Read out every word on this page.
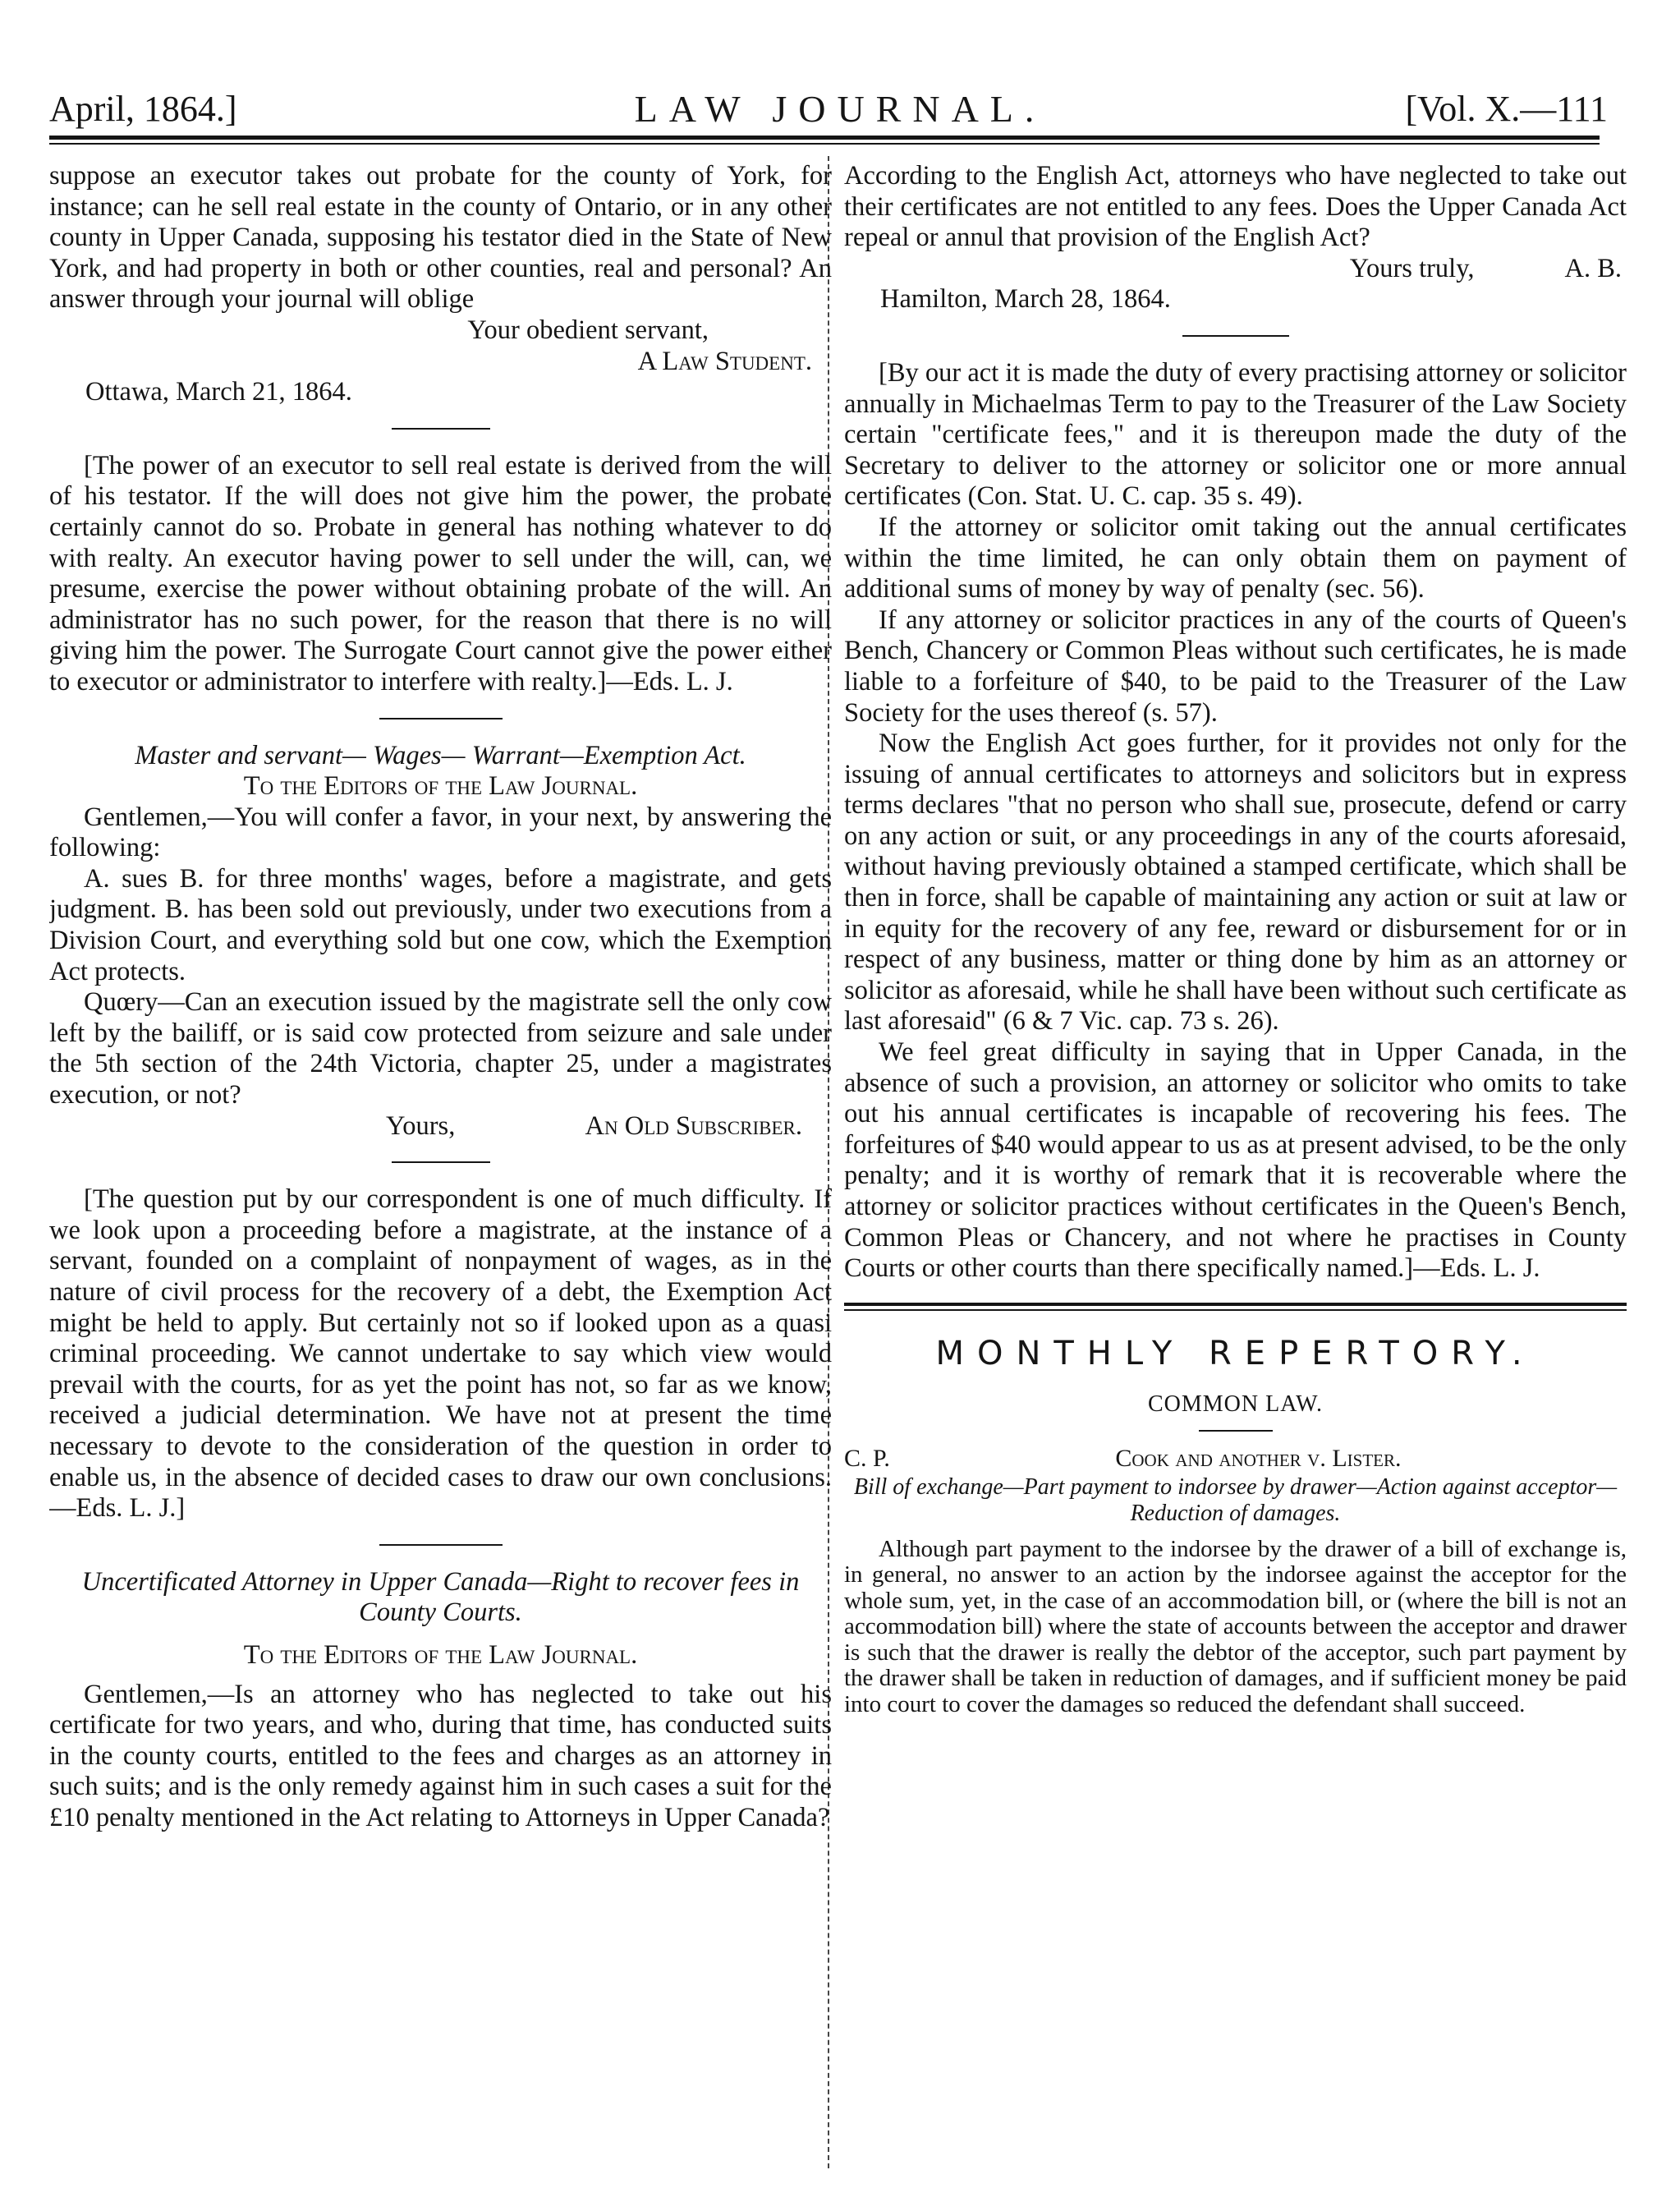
April, 1864.]	LAW JOURNAL.	[Vol. X.—111

suppose an executor takes out probate for the county of York, for instance; can he sell real estate in the county of Ontario, or in any other county in Upper Canada, supposing his testator died in the State of New York, and had property in both or other counties, real and personal? An answer through your journal will oblige

Your obedient servant,

A Law Student.

Ottawa, March 21, 1864.

[The power of an executor to sell real estate is derived from the will of his testator. If the will does not give him the power, the probate certainly cannot do so. Probate in general has nothing whatever to do with realty. An executor having power to sell under the will, can, we presume, exercise the power without obtaining probate of the will. An administrator has no such power, for the reason that there is no will giving him the power. The Surrogate Court cannot give the power either to executor or administrator to interfere with realty.]—Eds. L. J.

Master and servant— Wages— Warrant—Exemption Act.

To the Editors of the Law Journal.

Gentlemen,—You will confer a favor, in your next, by answering the following:

A. sues B. for three months' wages, before a magistrate, and gets judgment. B. has been sold out previously, under two executions from a Division Court, and everything sold but one cow, which the Exemption Act protects.

Quœry—Can an execution issued by the magistrate sell the only cow left by the bailiff, or is said cow protected from seizure and sale under the 5th section of the 24th Victoria, chapter 25, under a magistrates execution, or not?

Yours,	An Old Subscriber.

[The question put by our correspondent is one of much difficulty. If we look upon a proceeding before a magistrate, at the instance of a servant, founded on a complaint of nonpayment of wages, as in the nature of civil process for the recovery of a debt, the Exemption Act might be held to apply. But certainly not so if looked upon as a quasi criminal proceeding. We cannot undertake to say which view would prevail with the courts, for as yet the point has not, so far as we know, received a judicial determination. We have not at present the time necessary to devote to the consideration of the question in order to enable us, in the absence of decided cases to draw our own conclusions.—Eds. L. J.]

Uncertificated Attorney in Upper Canada—Right to recover fees in County Courts.

To the Editors of the Law Journal.

Gentlemen,—Is an attorney who has neglected to take out his certificate for two years, and who, during that time, has conducted suits in the county courts, entitled to the fees and charges as an attorney in such suits; and is the only remedy against him in such cases a suit for the £10 penalty mentioned in the Act relating to Attorneys in Upper Canada?

According to the English Act, attorneys who have neglected to take out their certificates are not entitled to any fees. Does the Upper Canada Act repeal or annul that provision of the English Act?

Yours truly,	A. B.

Hamilton, March 28, 1864.

[By our act it is made the duty of every practising attorney or solicitor annually in Michaelmas Term to pay to the Treasurer of the Law Society certain "certificate fees," and it is thereupon made the duty of the Secretary to deliver to the attorney or solicitor one or more annual certificates (Con. Stat. U. C. cap. 35 s. 49).

If the attorney or solicitor omit taking out the annual certificates within the time limited, he can only obtain them on payment of additional sums of money by way of penalty (sec. 56).

If any attorney or solicitor practices in any of the courts of Queen's Bench, Chancery or Common Pleas without such certificates, he is made liable to a forfeiture of $40, to be paid to the Treasurer of the Law Society for the uses thereof (s. 57).

Now the English Act goes further, for it provides not only for the issuing of annual certificates to attorneys and solicitors but in express terms declares "that no person who shall sue, prosecute, defend or carry on any action or suit, or any proceedings in any of the courts aforesaid, without having previously obtained a stamped certificate, which shall be then in force, shall be capable of maintaining any action or suit at law or in equity for the recovery of any fee, reward or disbursement for or in respect of any business, matter or thing done by him as an attorney or solicitor as aforesaid, while he shall have been without such certificate as last aforesaid" (6 & 7 Vic. cap. 73 s. 26).

We feel great difficulty in saying that in Upper Canada, in the absence of such a provision, an attorney or solicitor who omits to take out his annual certificates is incapable of recovering his fees. The forfeitures of $40 would appear to us as at present advised, to be the only penalty; and it is worthy of remark that it is recoverable where the attorney or solicitor practices without certificates in the Queen's Bench, Common Pleas or Chancery, and not where he practises in County Courts or other courts than there specifically named.]—Eds. L. J.

MONTHLY REPERTORY.
COMMON LAW.
C. P.	Cook and another v. Lister.

Bill of exchange—Part payment to indorsee by drawer—Action against acceptor—Reduction of damages.

Although part payment to the indorsee by the drawer of a bill of exchange is, in general, no answer to an action by the indorsee against the acceptor for the whole sum, yet, in the case of an accommodation bill, or (where the bill is not an accommodation bill) where the state of accounts between the acceptor and drawer is such that the drawer is really the debtor of the acceptor, such part payment by the drawer shall be taken in reduction of damages, and if sufficient money be paid into court to cover the damages so reduced the defendant shall succeed.
